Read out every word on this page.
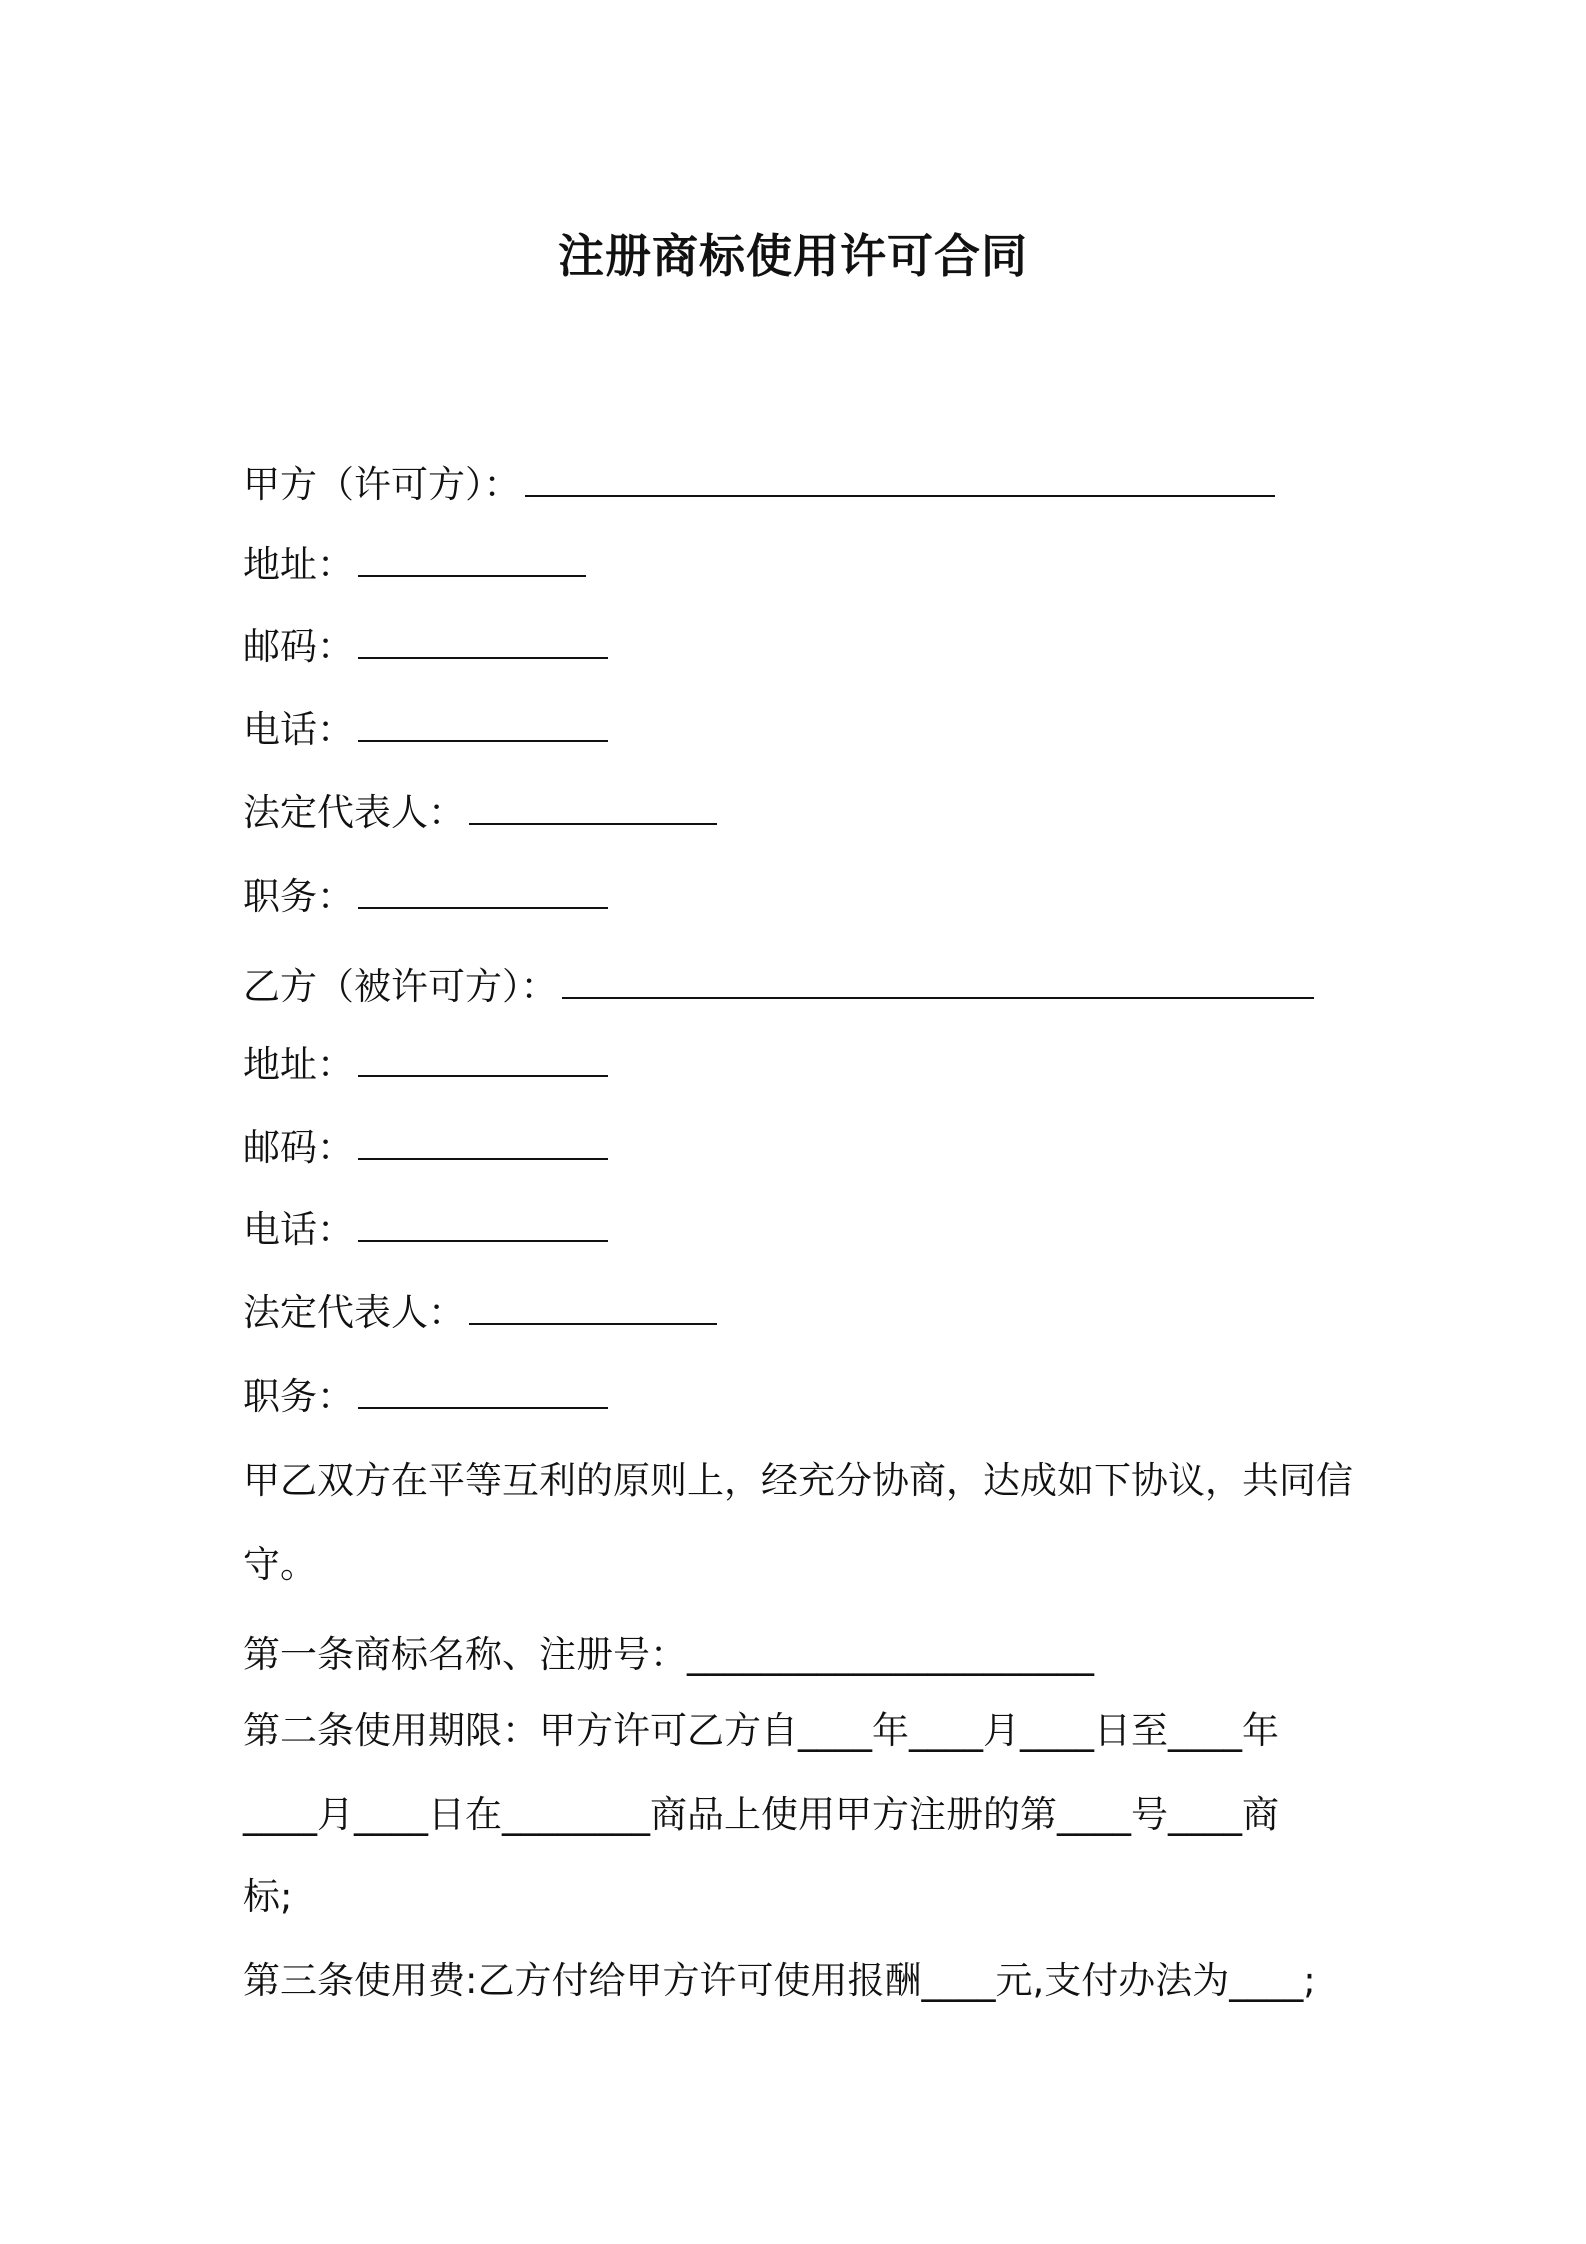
注册商标使用许可合同
甲方（许可方）：
地址：
邮码：
电话：
法定代表人：
职务：
乙方（被许可方）：
地址：
邮码：
电话：
法定代表人：
职务：
甲乙双方在平等互利的原则上，经充分协商，达成如下协议，共同信
守。
第一条商标名称、注册号：______________________
第二条使用期限：甲方许可乙方自____年____月____日至____年
____月____日在________商品上使用甲方注册的第____号____商
标;
第三条使用费:乙方付给甲方许可使用报酬____元,支付办法为____;
